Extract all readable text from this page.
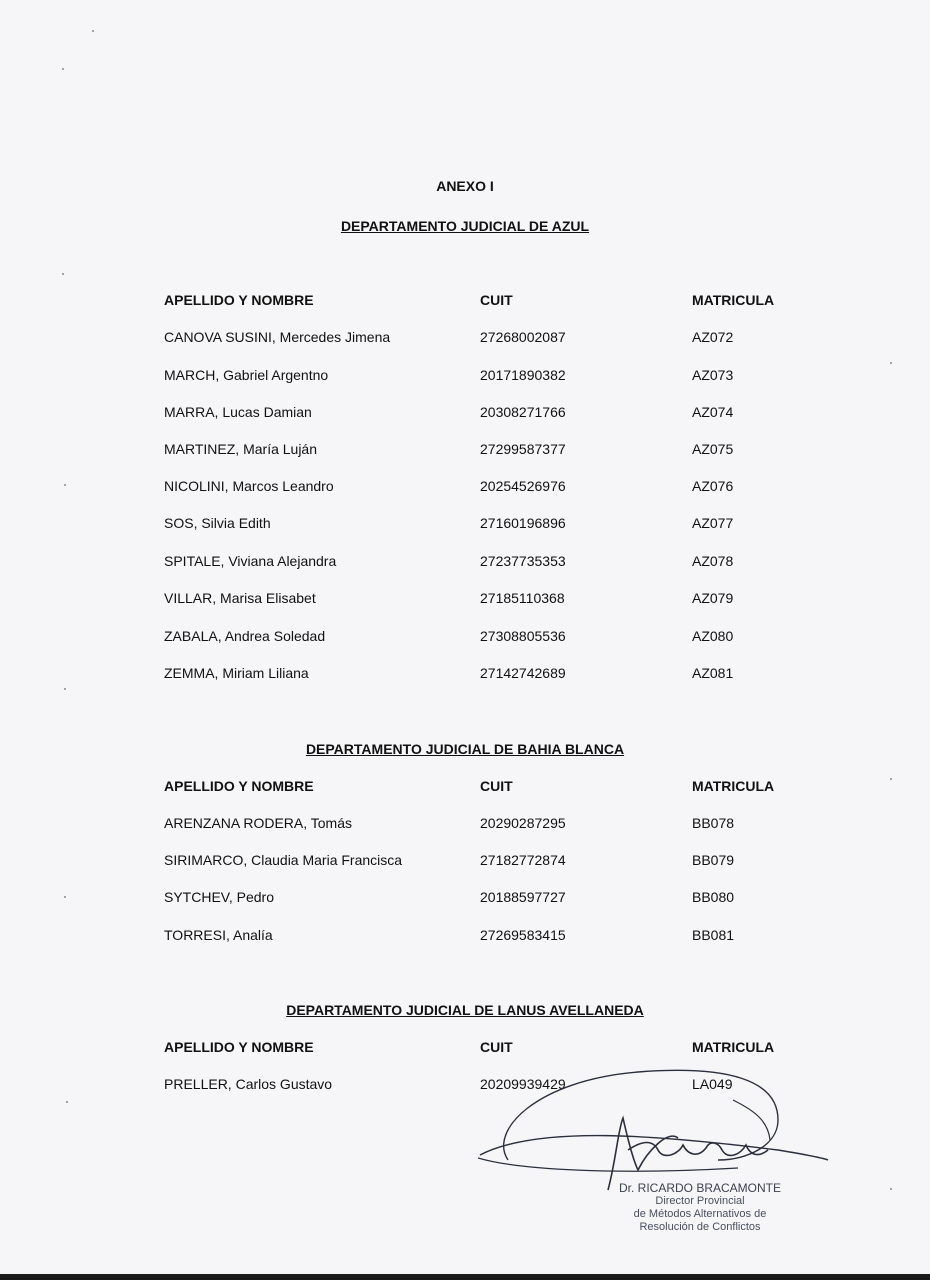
ANEXO I
DEPARTAMENTO JUDICIAL DE AZUL
APELLIDO Y NOMBRE	CUIT	MATRICULA
CANOVA SUSINI, Mercedes Jimena	27268002087	AZ072
MARCH, Gabriel Argentno	20171890382	AZ073
MARRA, Lucas Damian	20308271766	AZ074
MARTINEZ, María Luján	27299587377	AZ075
NICOLINI, Marcos Leandro	20254526976	AZ076
SOS, Silvia Edith	27160196896	AZ077
SPITALE, Viviana Alejandra	27237735353	AZ078
VILLAR, Marisa Elisabet	27185110368	AZ079
ZABALA, Andrea Soledad	27308805536	AZ080
ZEMMA, Miriam Liliana	27142742689	AZ081
DEPARTAMENTO JUDICIAL DE BAHIA BLANCA
APELLIDO Y NOMBRE	CUIT	MATRICULA
ARENZANA RODERA, Tomás	20290287295	BB078
SIRIMARCO, Claudia Maria Francisca	27182772874	BB079
SYTCHEV, Pedro	20188597727	BB080
TORRESI, Analía	27269583415	BB081
DEPARTAMENTO JUDICIAL DE LANUS AVELLANEDA
APELLIDO Y NOMBRE	CUIT	MATRICULA
PRELLER, Carlos Gustavo	20209939429	LA049
Dr. RICARDO BRACAMONTE
Director Provincial
de Métodos Alternativos de
Resolución de Conflictos
